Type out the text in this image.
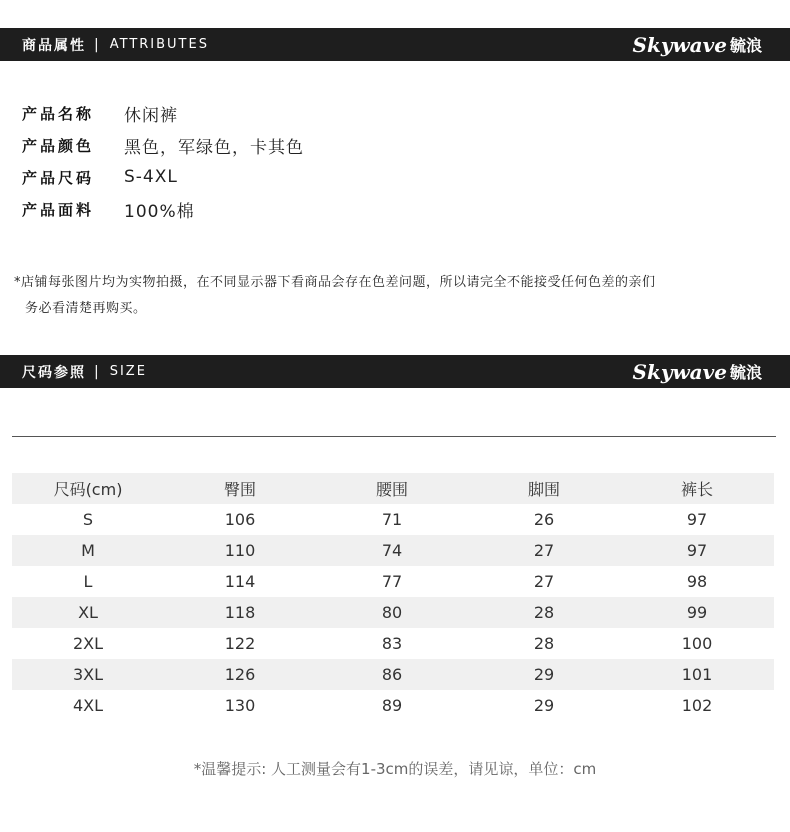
商品属性 | ATTRIBUTES	Skywave 毓浪
产品名称	休闲裤
产品颜色	黑色，军绿色，卡其色
产品尺码	S-4XL
产品面料	100%棉
*店铺每张图片均为实物拍摄，在不同显示器下看商品会存在色差问题，所以请完全不能接受任何色差的亲们
务必看清楚再购买。
尺码参照 | SIZE	Skywave 毓浪
尺码(cm)	臀围	腰围	脚围	裤长
S	106	71	26	97
M	110	74	27	97
L	114	77	27	98
XL	118	80	28	99
2XL	122	83	28	100
3XL	126	86	29	101
4XL	130	89	29	102
*温馨提示: 人工测量会有1-3cm的误差，请见谅，单位：cm
